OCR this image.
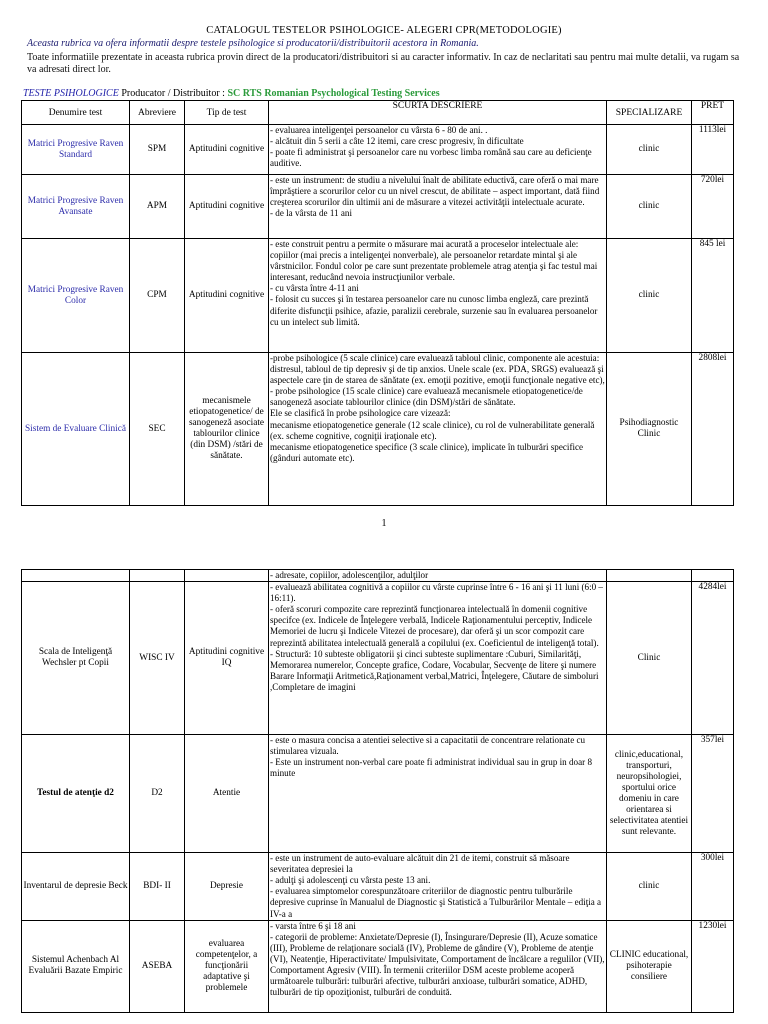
CATALOGUL TESTELOR PSIHOLOGICE- ALEGERI CPR(METODOLOGIE)
Aceasta rubrica va ofera informatii despre testele psihologice si producatorii/distribuitorii acestora in Romania.
Toate informatiile prezentate in aceasta rubrica provin direct de la producatori/distribuitori si au caracter informativ. In caz de neclaritati sau pentru mai multe detalii, va rugam sa va adresati direct lor.
TESTE PSIHOLOGICE Producator / Distribuitor : SC RTS Romanian Psychological Testing Services
Denumire test	Abreviere	Tip de test	SCURTA DESCRIERE	SPECIALIZARE	PRET
Matrici Progresive Raven Standard	SPM	Aptitudini cognitive	- evaluarea inteligenţei persoanelor cu vârsta 6 - 80 de ani. .
- alcătuit din 5 serii a câte 12 itemi, care cresc progresiv, în dificultate
- poate fi administrat şi persoanelor care nu vorbesc limba română sau care au deficienţe auditive.	clinic	1113lei
Matrici Progresive Raven Avansate	APM	Aptitudini cognitive	- este un instrument: de studiu a nivelului înalt de abilitate eductivă, care oferă o mai mare împrăştiere a scorurilor celor cu un nivel crescut, de abilitate – aspect important, dată fiind creşterea scorurilor din ultimii ani de măsurare a vitezei activităţii intelectuale acurate.
- de la vârsta de 11 ani	clinic	720lei
Matrici Progresive Raven Color	CPM	Aptitudini cognitive	- este construit pentru a permite o măsurare mai acurată a proceselor intelectuale ale: copiilor (mai precis a inteligenţei nonverbale), ale persoanelor retardate mintal şi ale vârstnicilor. Fondul color pe care sunt prezentate problemele atrag atenţia şi fac testul mai interesant, reducând nevoia instrucţiunilor verbale.
- cu vârsta între 4-11 ani
- folosit cu succes şi în testarea persoanelor care nu cunosc limba engleză, care prezintă diferite disfuncţii psihice, afazie, paralizii cerebrale, surzenie sau în evaluarea persoanelor cu un intelect sub limită.	clinic	845 lei
Sistem de Evaluare Clinică	SEC	mecanismele etiopatogenetice/ de sanogeneză asociate tablourilor clinice (din DSM) /stări de sănătate.	-probe psihologice (5 scale clinice) care evaluează tabloul clinic, componente ale acestuia: distresul, tabloul de tip depresiv şi de tip anxios. Unele scale (ex. PDA, SRGS) evaluează şi aspectele care ţin de starea de sănătate (ex. emoţii pozitive, emoţii funcţionale negative etc),
- probe psihologice (15 scale clinice) care evaluează mecanismele etiopatogenetice/de sanogeneză asociate tablourilor clinice (din DSM)/stări de sănătate.
Ele se clasifică în probe psihologice care vizează:
mecanisme etiopatogenetice generale (12 scale clinice), cu rol de vulnerabilitate generală (ex. scheme cognitive, cogniţii iraţionale etc).
mecanisme etiopatogenetice specifice (3 scale clinice), implicate în tulburări specifice (gânduri automate etc).	Psihodiagnostic Clinic	2808lei
1

			- adresate, copiilor, adolescenţilor, adulţilor		

Scala de Inteligenţă Wechsler pt Copii	WISC IV	Aptitudini cognitive IQ	- evaluează abilitatea cognitivă a copiilor cu vârste cuprinse între 6 - 16 ani şi 11 luni (6:0 – 16:11).
- oferă scoruri compozite care reprezintă funcţionarea intelectuală în domenii cognitive specifce (ex. Indicele de Înţelegere verbală, Indicele Raţionamentului perceptiv, Indicele Memoriei de lucru şi Indicele Vitezei de procesare), dar oferă şi un scor compozit care reprezintă abilitatea intelectuală generală a copilului (ex. Coeficientul de inteligenţă total).
- Structură: 10 subteste obligatorii şi cinci subteste suplimentare :Cuburi, Similarităţi, Memorarea numerelor, Concepte grafice, Codare, Vocabular, Secvenţe de litere şi numere Barare Informaţii Aritmetică,Raţionament verbal,Matrici, Înţelegere, Căutare de simboluri ,Completare de imagini	Clinic	4284lei
Testul de atenţie d2	D2	Atentie	- este o masura concisa a atentiei selective si a capacitatii de concentrare relationate cu stimularea vizuala.
- Este un instrument non-verbal care poate fi administrat individual sau in grup in doar 8 minute	clinic,educational, transporturi, neuropsihologiei, sportului orice domeniu in care orientarea si selectivitatea atentiei sunt relevante.	357lei
Inventarul de depresie Beck	BDI- II	Depresie	- este un instrument de auto-evaluare alcătuit din 21 de itemi, construit să măsoare severitatea depresiei la
- adulţi şi adolescenţi cu vârsta peste 13 ani.
- evaluarea simptomelor corespunzătoare criteriilor de diagnostic pentru tulburările depresive cuprinse în Manualul de Diagnostic şi Statistică a Tulburărilor Mentale – ediţia a IV-a a	clinic	300lei
Sistemul Achenbach Al Evaluării Bazate Empiric	ASEBA	evaluarea competenţelor, a funcţionării adaptative şi problemele	- varsta între 6 şi 18 ani
- categorii de probleme: Anxietate/Depresie (I), Însingurare/Depresie (II), Acuze somatice (III), Probleme de relaţionare socială (IV), Probleme de gândire (V), Probleme de atenţie (VI), Neatenţie, Hiperactivitate/ Impulsivitate, Comportament de încălcare a regulilor (VII), Comportament Agresiv (VIII). În termenii criteriilor DSM aceste probleme acoperă următoarele tulburări: tulburări afective, tulburări anxioase, tulburări somatice, ADHD, tulburări de tip opoziţionist, tulburări de conduită.	CLINIC educational, psihoterapie consiliere	1230lei
